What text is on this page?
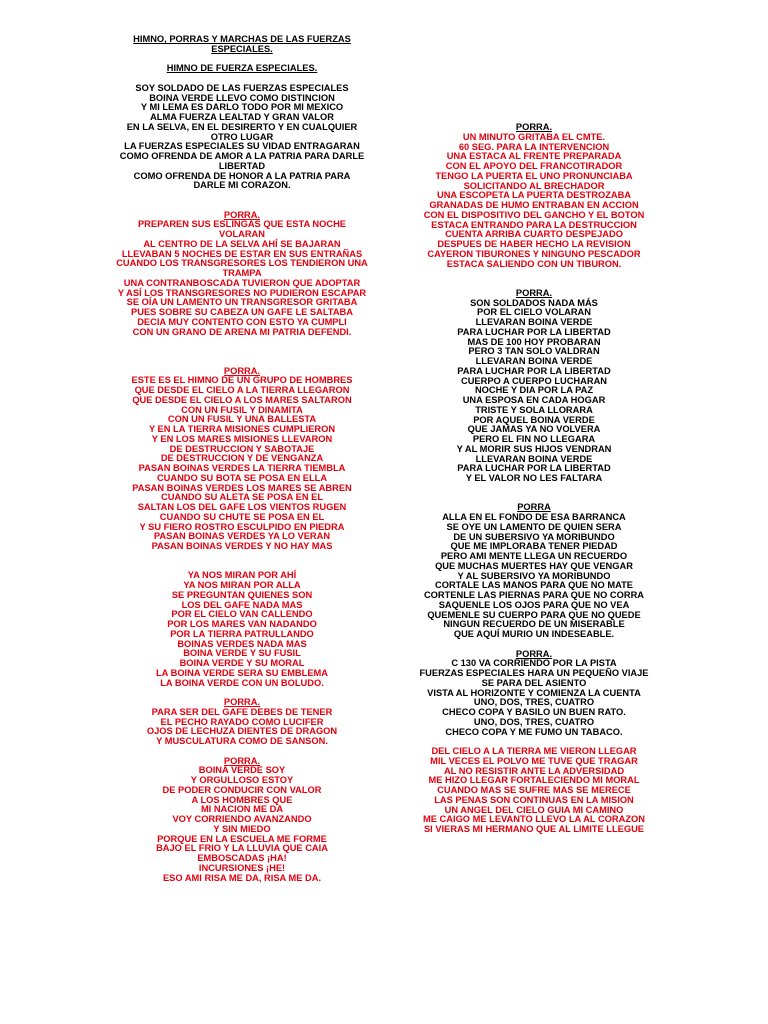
HIMNO, PORRAS Y MARCHAS DE LAS FUERZAS
ESPECIALES.
HIMNO DE FUERZA ESPECIALES.
SOY SOLDADO DE LAS FUERZAS ESPECIALES
BOINA VERDE LLEVO COMO DISTINCION
Y MI LEMA ES DARLO TODO POR MI MEXICO
ALMA FUERZA LEALTAD Y GRAN VALOR
EN LA SELVA, EN EL DESIRERTO Y EN CUALQUIER
OTRO LUGAR
LA FUERZAS ESPECIALES SU VIDAD ENTRAGARAN
COMO OFRENDA DE AMOR A LA PATRIA PARA DARLE
LIBERTAD
COMO OFRENDA DE HONOR A LA PATRIA PARA
DARLE MI CORAZON.
PORRA.
PREPAREN SUS ESLINGAS QUE ESTA NOCHE
VOLARAN
AL CENTRO DE LA SELVA AHÍ SE BAJARAN
LLEVABAN 5 NOCHES DE ESTAR EN SUS ENTRAÑAS
CUANDO LOS TRANSGRESORES LOS TENDIERON UNA
TRAMPA
UNA CONTRANBOSCADA TUVIERON QUE ADOPTAR
Y ASÍ LOS TRANSGRESORES NO PUDIERON ESCAPAR
SE OÍA UN LAMENTO UN TRANSGRESOR GRITABA
PUES SOBRE SU CABEZA UN GAFE LE SALTABA
DECIA MUY CONTENTO CON ESTO YA CUMPLI
CON UN GRANO DE ARENA MI PATRIA DEFENDI.
PORRA.
ESTE ES EL HIMNO DE UN GRUPO DE HOMBRES
QUE DESDE EL CIELO A LA TIERRA LLEGARON
QUE DESDE EL CIELO A LOS MARES SALTARON
CON UN FUSIL Y DINAMITA
CON UN FUSIL Y UNA BALLESTA
Y EN LA TIERRA MISIONES CUMPLIERON
Y EN LOS MARES MISIONES LLEVARON
DE DESTRUCCION Y SABOTAJE
DE DESTRUCCION Y DE VENGANZA
PASAN BOINAS VERDES LA TIERRA TIEMBLA
CUANDO SU BOTA SE POSA EN ELLA
PASAN BOINAS VERDES LOS MARES SE ABREN
CUANDO SU ALETA SE POSA EN EL
SALTAN LOS DEL GAFE LOS VIENTOS RUGEN
CUANDO SU CHUTE SE POSA EN EL
Y SU FIERO ROSTRO ESCULPIDO EN PIEDRA
PASAN BOINAS VERDES YA LO VERAN
PASAN BOINAS VERDES Y NO HAY MAS
YA NOS MIRAN POR AHÍ
YA NOS MIRAN POR ALLA
SE PREGUNTAN QUIENES SON
LOS DEL GAFE NADA MAS
POR EL CIELO VAN CALLENDO
POR LOS MARES VAN NADANDO
POR LA TIERRA PATRULLANDO
BOINAS VERDES NADA MAS
BOINA VERDE Y SU FUSIL
BOINA VERDE Y SU MORAL
LA BOINA VERDE SERA SU EMBLEMA
LA BOINA VERDE CON UN BOLUDO.
PORRA.
PARA SER DEL GAFE DEBES DE TENER
EL PECHO RAYADO COMO LUCIFER
OJOS DE LECHUZA DIENTES DE DRAGON
Y MUSCULATURA COMO DE SANSON.
PORRA.
BOINA VERDE SOY
Y ORGULLOSO ESTOY
DE PODER CONDUCIR CON VALOR
A LOS HOMBRES QUE
MI NACION ME DA
VOY CORRIENDO AVANZANDO
Y SIN MIEDO
PORQUE EN LA ESCUELA ME FORME
BAJO EL FRIO Y LA LLUVIA QUE CAIA
EMBOSCADAS ¡HA!
INCURSIONES ¡HE!
ESO AMI RISA ME DA, RISA ME DA.
PORRA.
UN MINUTO GRITABA EL CMTE.
60 SEG. PARA LA INTERVENCION
UNA ESTACA AL FRENTE PREPARADA
CON EL APOYO DEL FRANCOTIRADOR
TENGO LA PUERTA EL UNO PRONUNCIABA
SOLICITANDO AL BRECHADOR
UNA ESCOPETA LA PUERTA DESTROZABA
GRANADAS DE HUMO ENTRABAN EN ACCION
CON EL DISPOSITIVO DEL GANCHO Y EL BOTON
ESTACA ENTRANDO PARA LA DESTRUCCION
CUENTA ARRIBA CUARTO DESPEJADO
DESPUES DE HABER HECHO LA REVISION
CAYERON TIBURONES Y NINGUNO PESCADOR
ESTACA SALIENDO CON UN TIBURON.
PORRA.
SON SOLDADOS NADA MÁS
POR EL CIELO VOLARAN
LLEVARAN BOINA VERDE
PARA LUCHAR POR LA LIBERTAD
MAS DE 100 HOY PROBARAN
PERO 3 TAN SOLO VALDRAN
LLEVARAN BOINA VERDE
PARA LUCHAR POR LA LIBERTAD
CUERPO A CUERPO LUCHARAN
NOCHE Y DIA POR LA PAZ
UNA ESPOSA EN CADA HOGAR
TRISTE Y SOLA LLORARA
POR AQUEL BOINA VERDE
QUE JAMAS YA NO VOLVERA
PERO EL FIN NO LLEGARA
Y AL MORIR SUS HIJOS VENDRAN
LLEVARAN BOINA VERDE
PARA LUCHAR POR LA LIBERTAD
Y EL VALOR NO LES FALTARA
PORRA
ALLA EN EL FONDO DE ESA BARRANCA
SE OYE UN LAMENTO DE QUIEN SERA
DE UN SUBERSIVO YA MORIBUNDO
QUE ME IMPLORABA TENER PIEDAD
PERO AMI MENTE LLEGA UN RECUERDO
QUE MUCHAS MUERTES HAY QUE VENGAR
Y AL SUBERSIVO YA MORIBUNDO
CORTALE LAS MANOS PARA QUE NO MATE
CORTENLE LAS PIERNAS PARA QUE NO CORRA
SAQUENLE LOS OJOS PARA QUE NO VEA
QUEMENLE SU CUERPO PARA QUE NO QUEDE
NINGUN RECUERDO DE UN MISERABLE
QUE AQUÍ MURIO UN INDESEABLE.
PORRA.
C 130 VA CORRIENDO POR LA PISTA
FUERZAS ESPECIALES HARA UN PEQUEÑO VIAJE
SE PARA DEL ASIENTO
VISTA AL HORIZONTE Y COMIENZA LA CUENTA
UNO, DOS, TRES, CUATRO
CHECO COPA Y BASILO UN BUEN RATO.
UNO, DOS, TRES, CUATRO
CHECO COPA Y ME FUMO UN TABACO.
DEL CIELO A LA TIERRA ME VIERON LLEGAR
MIL VECES EL POLVO ME TUVE QUE TRAGAR
AL NO RESISTIR ANTE LA ADVERSIDAD
ME HIZO LLEGAR FORTALECIENDO MI MORAL
CUANDO MAS SE SUFRE MAS SE MERECE
LAS PENAS SON CONTINUAS EN LA MISION
UN ANGEL DEL CIELO GUIA MI CAMINO
ME CAIGO ME LEVANTO LLEVO LA AL CORAZON
SI VIERAS MI HERMANO QUE AL LIMITE LLEGUE
